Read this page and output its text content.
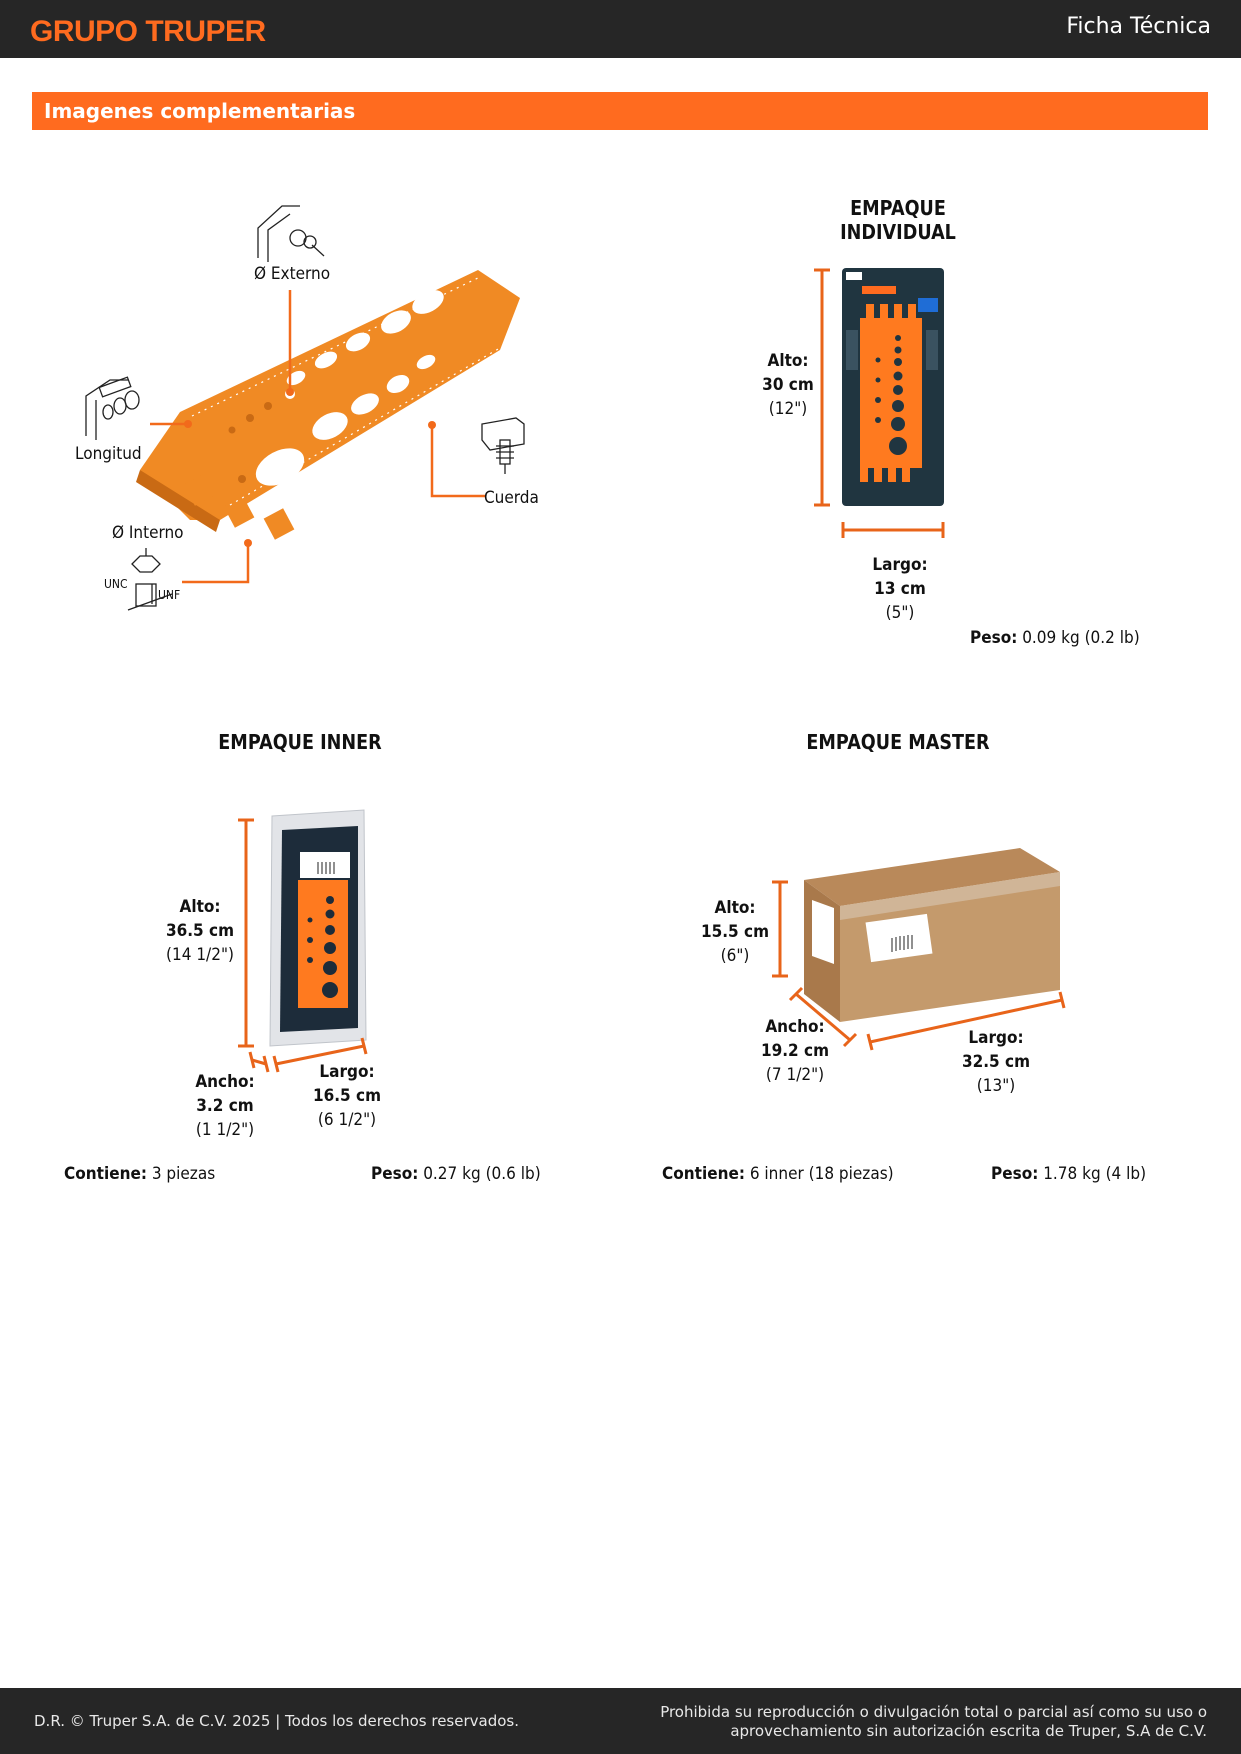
GRUPO TRUPER	Ficha Técnica
Imagenes complementarias
Ø Externo
Longitud
Cuerda
Ø Interno
UNC
UNF
EMPAQUE INDIVIDUAL
Alto:
30 cm
(12")
Largo:
13 cm
(5")
Peso: 0.09 kg (0.2 lb)
EMPAQUE INNER
Alto:
36.5 cm
(14 1/2")
Ancho:
3.2 cm
(1 1/2")
Largo:
16.5 cm
(6 1/2")
Contiene: 3 piezas	Peso: 0.27 kg (0.6 lb)
EMPAQUE MASTER
Alto:
15.5 cm
(6")
Ancho:
19.2 cm
(7 1/2")
Largo:
32.5 cm
(13")
Contiene: 6 inner (18 piezas)	Peso: 1.78 kg (4 lb)
D.R. © Truper S.A. de C.V. 2025 | Todos los derechos reservados.	Prohibida su reproducción o divulgación total o parcial así como su uso o
aprovechamiento sin autorización escrita de Truper, S.A de C.V.
